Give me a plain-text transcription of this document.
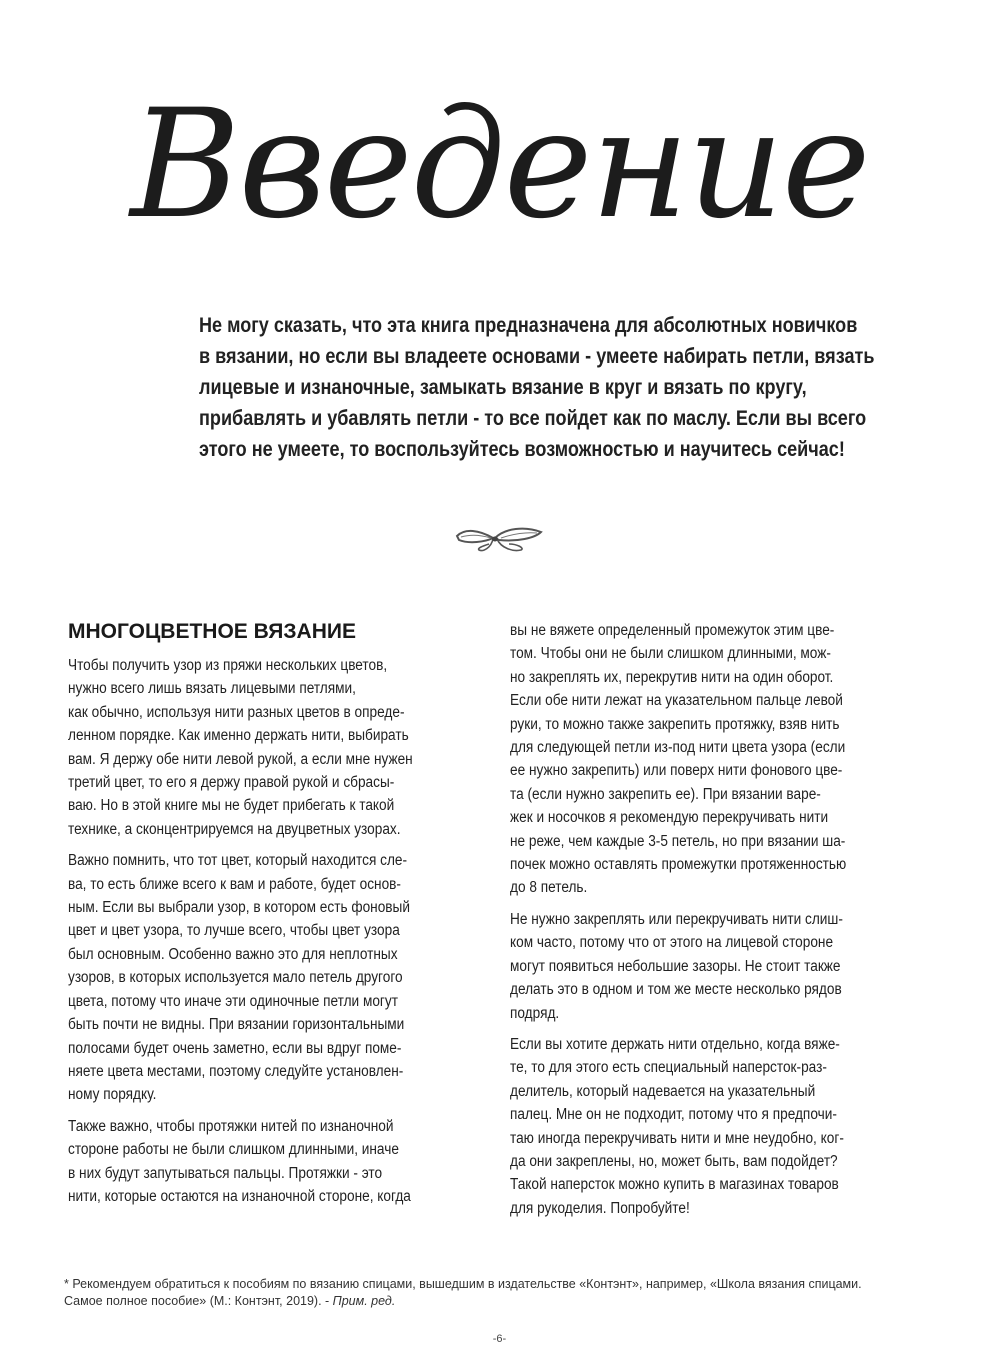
Введение

Не могу сказать, что эта книга предназначена для абсолютных новичков

в вязании, но если вы владеете основами - умеете набирать петли, вязать

лицевые и изнаночные, замыкать вязание в круг и вязать по кругу,

прибавлять и убавлять петли - то все пойдет как по маслу. Если вы всего

этого не умеете, то воспользуйтесь возможностью и научитесь сейчас!

МНОГОЦВЕТНОЕ ВЯЗАНИЕ

Чтобы получить узор из пряжи нескольких цветов,
нужно всего лишь вязать лицевыми петлями,
как обычно, используя нити разных цветов в опреде-
ленном порядке. Как именно держать нити, выбирать
вам. Я держу обе нити левой рукой, а если мне нужен
третий цвет, то его я держу правой рукой и сбрасы-
ваю. Но в этой книге мы не будет прибегать к такой
технике, а сконцентрируемся на двуцветных узорах.

Важно помнить, что тот цвет, который находится сле-
ва, то есть ближе всего к вам и работе, будет основ-
ным. Если вы выбрали узор, в котором есть фоновый
цвет и цвет узора, то лучше всего, чтобы цвет узора
был основным. Особенно важно это для неплотных
узоров, в которых используется мало петель другого
цвета, потому что иначе эти одиночные петли могут
быть почти не видны. При вязании горизонтальными
полосами будет очень заметно, если вы вдруг поме-
няете цвета местами, поэтому следуйте установлен-
ному порядку.

Также важно, чтобы протяжки нитей по изнаночной
стороне работы не были слишком длинными, иначе
в них будут запутываться пальцы. Протяжки - это
нити, которые остаются на изнаночной стороне, когда

вы не вяжете определенный промежуток этим цве-
том. Чтобы они не были слишком длинными, мож-
но закреплять их, перекрутив нити на один оборот.
Если обе нити лежат на указательном пальце левой
руки, то можно также закрепить протяжку, взяв нить
для следующей петли из-под нити цвета узора (если
ее нужно закрепить) или поверх нити фонового цве-
та (если нужно закрепить ее). При вязании варе-
жек и носочков я рекомендую перекручивать нити
не реже, чем каждые 3-5 петель, но при вязании ша-
почек можно оставлять промежутки протяженностью
до 8 петель.

Не нужно закреплять или перекручивать нити слиш-
ком часто, потому что от этого на лицевой стороне
могут появиться небольшие зазоры. Не стоит также
делать это в одном и том же месте несколько рядов
подряд.

Если вы хотите держать нити отдельно, когда вяже-
те, то для этого есть специальный наперсток-раз-
делитель, который надевается на указательный
палец. Мне он не подходит, потому что я предпочи-
таю иногда перекручивать нити и мне неудобно, ког-
да они закреплены, но, может быть, вам подойдет?
Такой наперсток можно купить в магазинах товаров
для рукоделия. Попробуйте!

* Рекомендуем обратиться к пособиям по вязанию спицами, вышедшим в издательстве «Контэнт», например, «Школа вязания спицами.
Самое полное пособие» (М.: Контэнт, 2019). - Прим. ред.
-6-
